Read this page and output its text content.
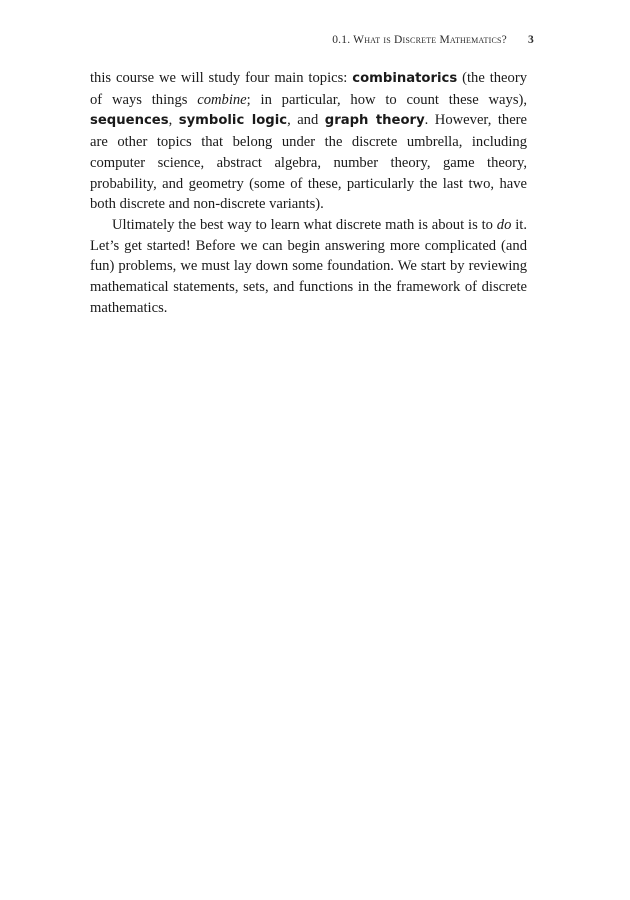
0.1. What is Discrete Mathematics? 3

this course we will study four main topics: combinatorics (the theory of ways things combine; in particular, how to count these ways), sequences, symbolic logic, and graph theory. However, there are other topics that belong under the discrete umbrella, including computer science, abstract algebra, number theory, game theory, probability, and geometry (some of these, particularly the last two, have both discrete and non-discrete variants).

Ultimately the best way to learn what discrete math is about is to do it. Let’s get started! Before we can begin answering more complicated (and fun) problems, we must lay down some foundation. We start by reviewing mathematical statements, sets, and functions in the framework of discrete mathematics.
